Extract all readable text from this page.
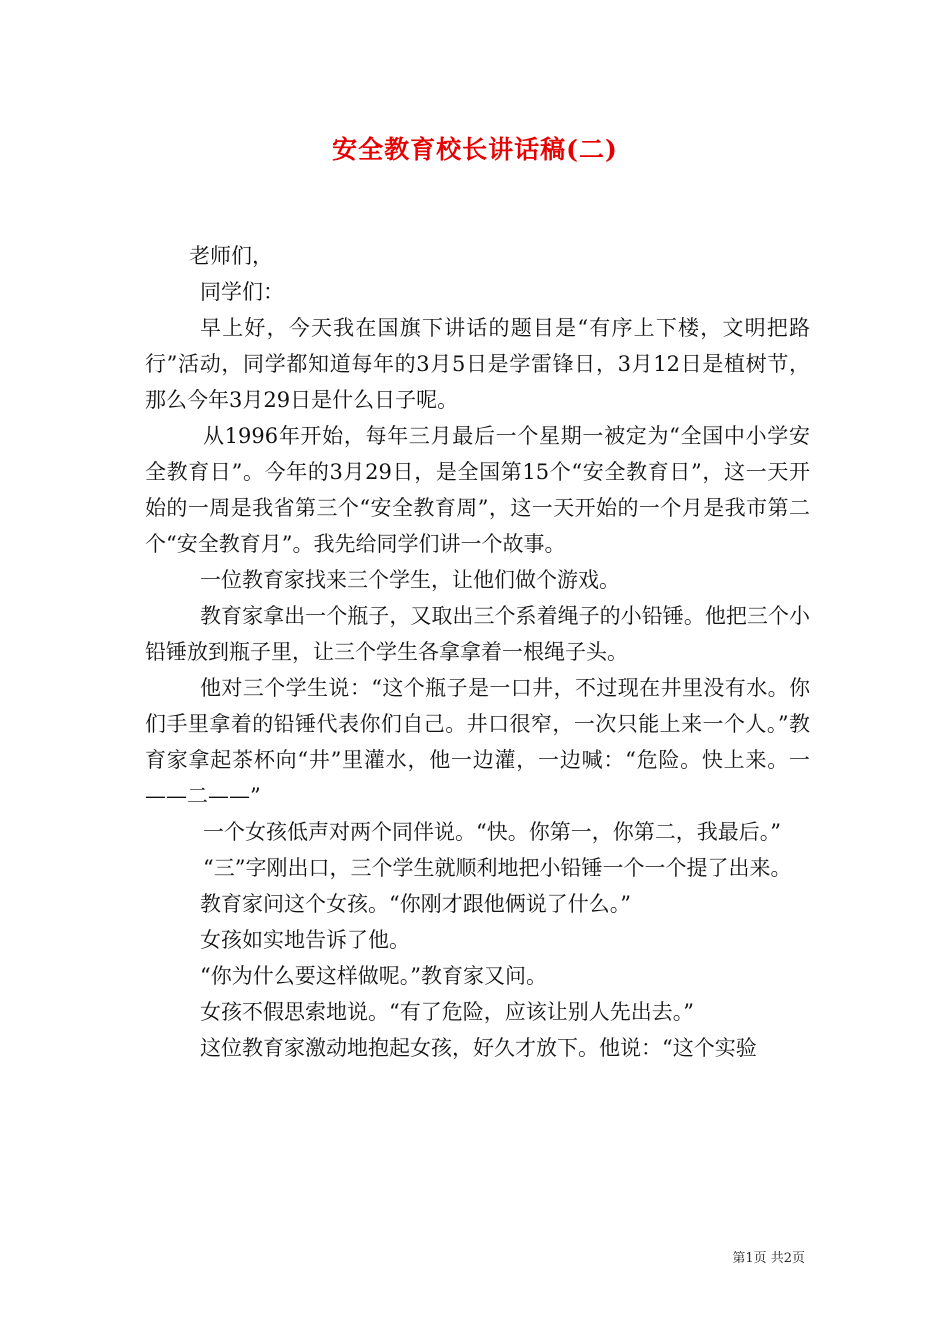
安全教育校长讲话稿(二)

老师们，

同学们：

早上好，今天我在国旗下讲话的题目是“有序上下楼，文明把路行”活动，同学都知道每年的3月5日是学雷锋日，3月12日是植树节，那么今年3月29日是什么日子呢。

从1996年开始，每年三月最后一个星期一被定为“全国中小学安全教育日”。今年的3月29日，是全国第15个“安全教育日”，这一天开始的一周是我省第三个“安全教育周”，这一天开始的一个月是我市第二个“安全教育月”。我先给同学们讲一个故事。

一位教育家找来三个学生，让他们做个游戏。

教育家拿出一个瓶子，又取出三个系着绳子的小铅锤。他把三个小铅锤放到瓶子里，让三个学生各拿拿着一根绳子头。

他对三个学生说：“这个瓶子是一口井，不过现在井里没有水。你们手里拿着的铅锤代表你们自己。井口很窄，一次只能上来一个人。”教育家拿起茶杯向“井”里灌水，他一边灌，一边喊：“危险。快上来。一——二——”

一个女孩低声对两个同伴说。“快。你第一，你第二，我最后。”

“三”字刚出口，三个学生就顺利地把小铅锤一个一个提了出来。

教育家问这个女孩。“你刚才跟他俩说了什么。”

女孩如实地告诉了他。

“你为什么要这样做呢。”教育家又问。

女孩不假思索地说。“有了危险，应该让别人先出去。”

这位教育家激动地抱起女孩，好久才放下。他说：“这个实验

第1页 共2页
